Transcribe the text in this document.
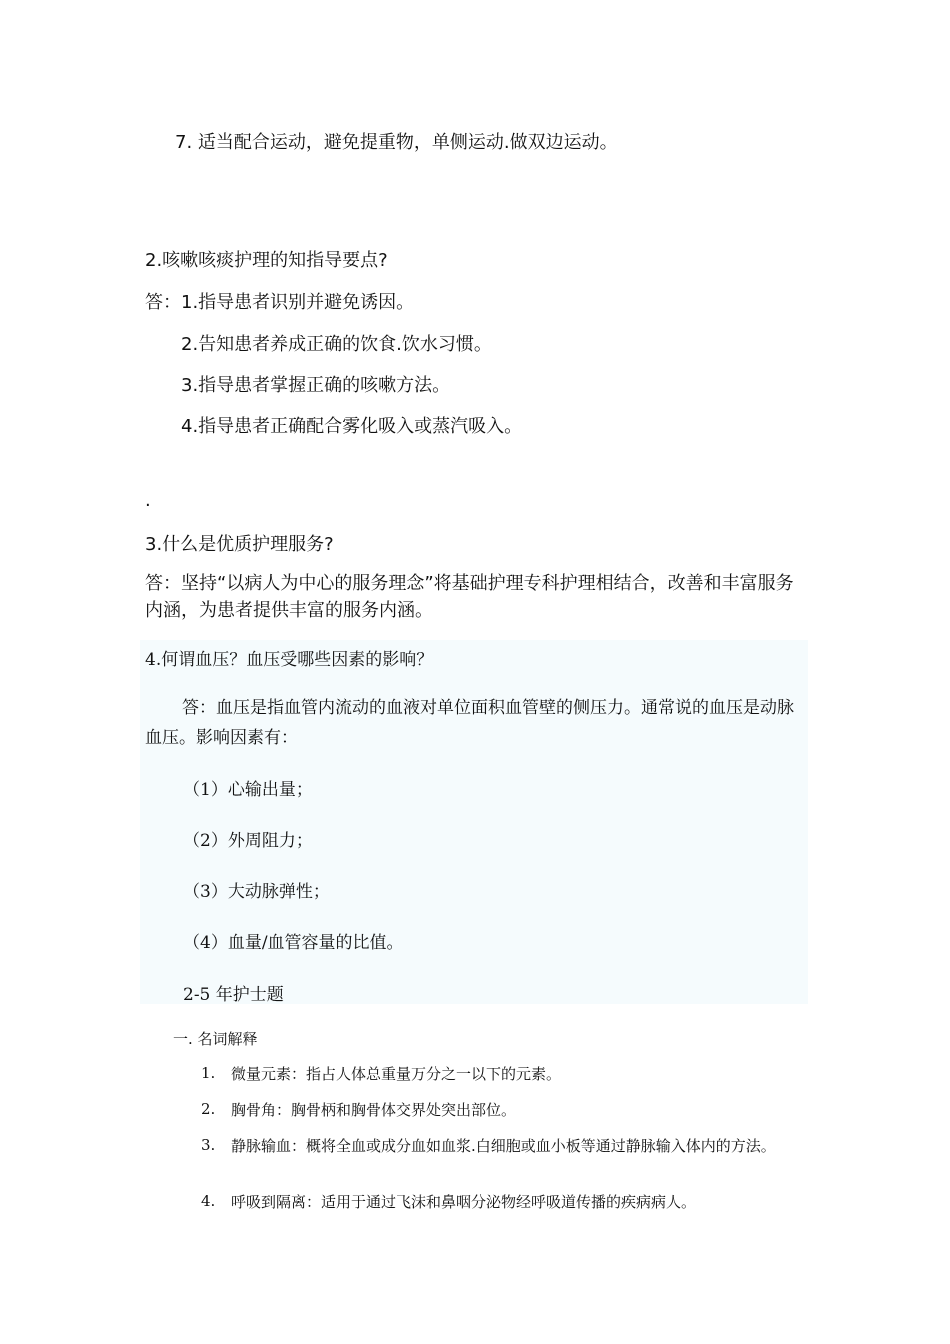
7. 适当配合运动，避免提重物，单侧运动.做双边运动。
2.咳嗽咳痰护理的知指导要点?
答： 1.指导患者识别并避免诱因。
2.告知患者养成正确的饮食.饮水习惯。
3.指导患者掌握正确的咳嗽方法。
4.指导患者正确配合雾化吸入或蒸汽吸入。
.
3.什么是优质护理服务?
答：坚持“以病人为中心的服务理念”将基础护理专科护理相结合，改善和丰富服务内涵，为患者提供丰富的服务内涵。
4.何谓血压？血压受哪些因素的影响？
答：血压是指血管内流动的血液对单位面积血管壁的侧压力。通常说的血压是动脉血压。影响因素有：
（1）心输出量；
（2）外周阻力；
（3）大动脉弹性；
（4）血量/血管容量的比值。
2-5 年护士题
一. 名词解释
1. 微量元素：指占人体总重量万分之一以下的元素。
2. 胸骨角：胸骨柄和胸骨体交界处突出部位。
3. 静脉输血：概将全血或成分血如血浆.白细胞或血小板等通过静脉输入体内的方法。
4. 呼吸到隔离：适用于通过飞沫和鼻咽分泌物经呼吸道传播的疾病病人。
